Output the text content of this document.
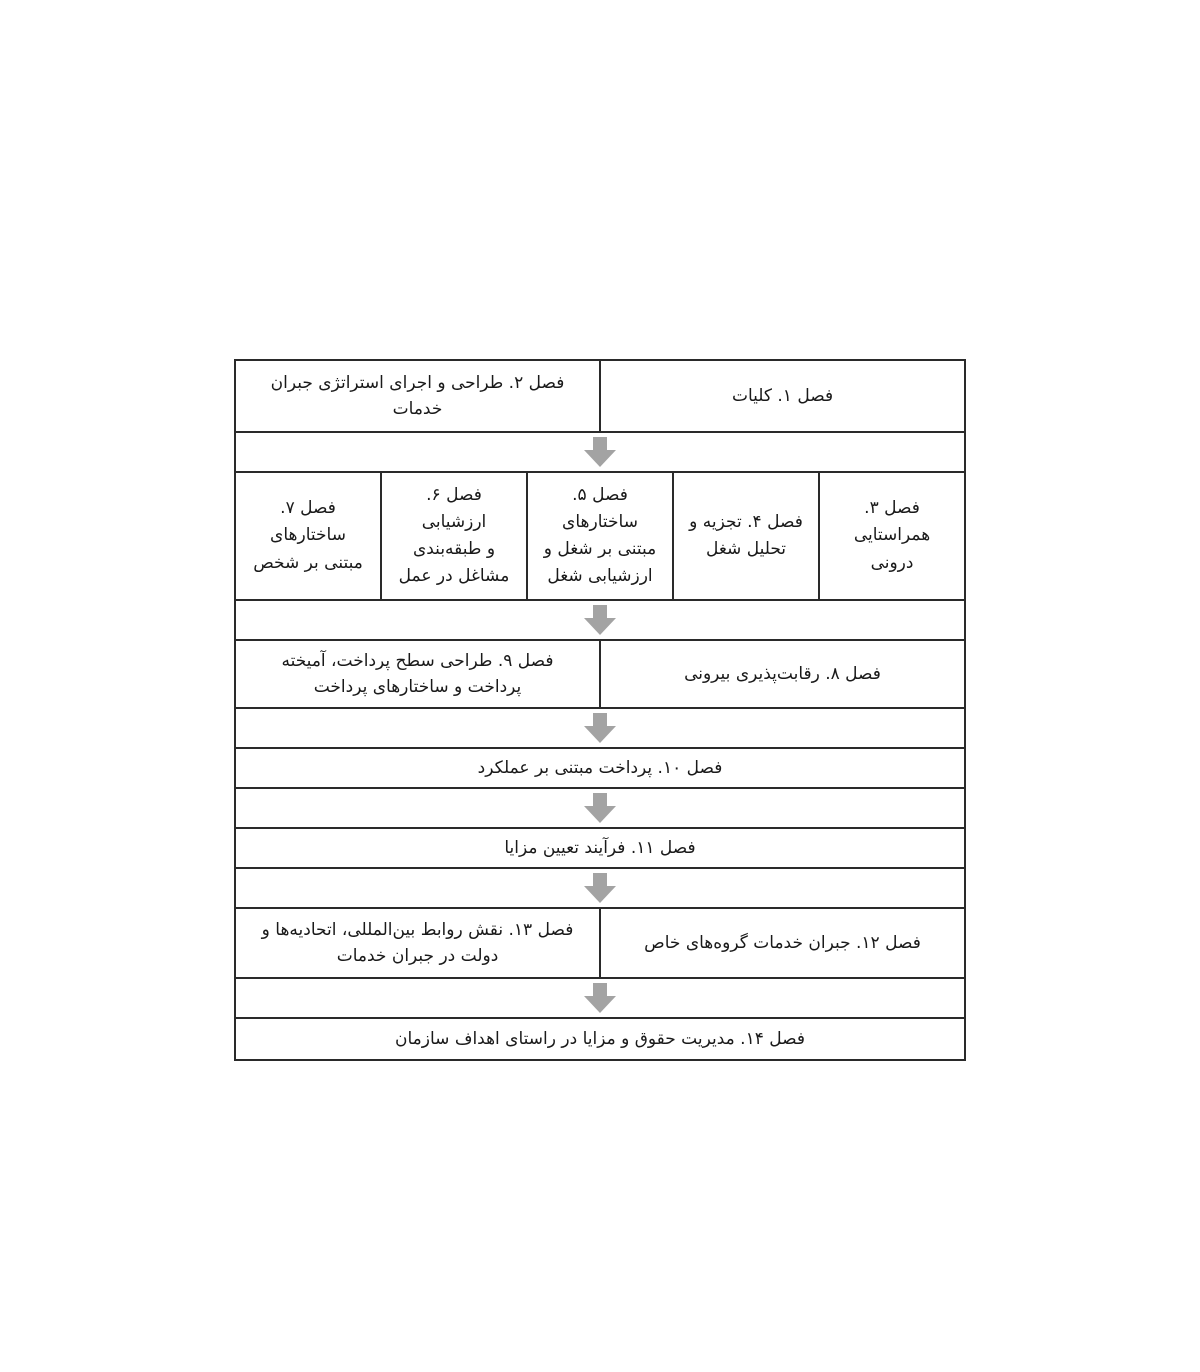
فصل ۱. کلیات
فصل ۲. طراحی و اجرای استراتژی جبران
خدمات
فصل ۳.
همراستایی
درونی
فصل ۴. تجزیه و
تحلیل شغل
فصل ۵.
ساختارهای
مبتنی بر شغل و
ارزشیابی شغل
فصل ۶. ارزشیابی
و طبقه‌بندی
مشاغل در عمل
فصل ۷.
ساختارهای
مبتنی بر شخص
فصل ۸. رقابت‌پذیری بیرونی
فصل ۹. طراحی سطح پرداخت، آمیخته
پرداخت و ساختارهای پرداخت
فصل ۱۰. پرداخت مبتنی بر عملکرد
فصل ۱۱. فرآیند تعیین مزایا
فصل ۱۲. جبران خدمات گروه‌های خاص
فصل ۱۳. نقش روابط بین‌المللی، اتحادیه‌ها و
دولت در جبران خدمات
فصل ۱۴. مدیریت حقوق و مزایا در راستای اهداف سازمان
